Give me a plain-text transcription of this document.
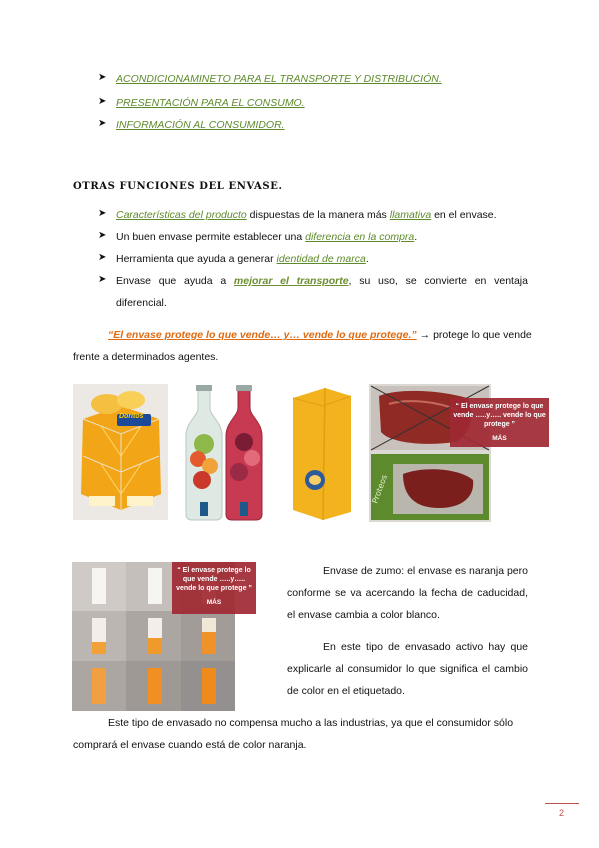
➤ ACONDICIONAMINETO PARA EL TRANSPORTE Y DISTRIBUCIÓN.
➤ PRESENTACIÓN PARA EL CONSUMO.
➤ INFORMACIÓN AL CONSUMIDOR.
OTRAS FUNCIONES DEL ENVASE.
➤ Características del producto dispuestas de la manera más llamativa en el envase.
➤ Un buen envase permite establecer una diferencia en la compra.
➤ Herramienta que ayuda a generar identidad de marca.
➤ Envase que ayuda a mejorar el transporte, su uso, se convierte en ventaja
diferencial.
“El envase protege lo que vende… y… vende lo que protege.” → protege lo que vende
frente a determinados agentes.
Doritos
Proteos
“ El envase protege lo que vende …..y….. vende lo que protege ”
MÁS
“ El envase protege lo que vende …..y….. vende lo que protege ”
MÁS
Envase de zumo: el envase es naranja pero conforme se va acercando la fecha de caducidad, el envase cambia a color blanco.
En este tipo de envasado activo hay que explicarle al consumidor lo que significa el cambio de color en el etiquetado.
Este tipo de envasado no compensa mucho a las industrias, ya que el consumidor sólo
comprará el envase cuando está de color naranja.
2
